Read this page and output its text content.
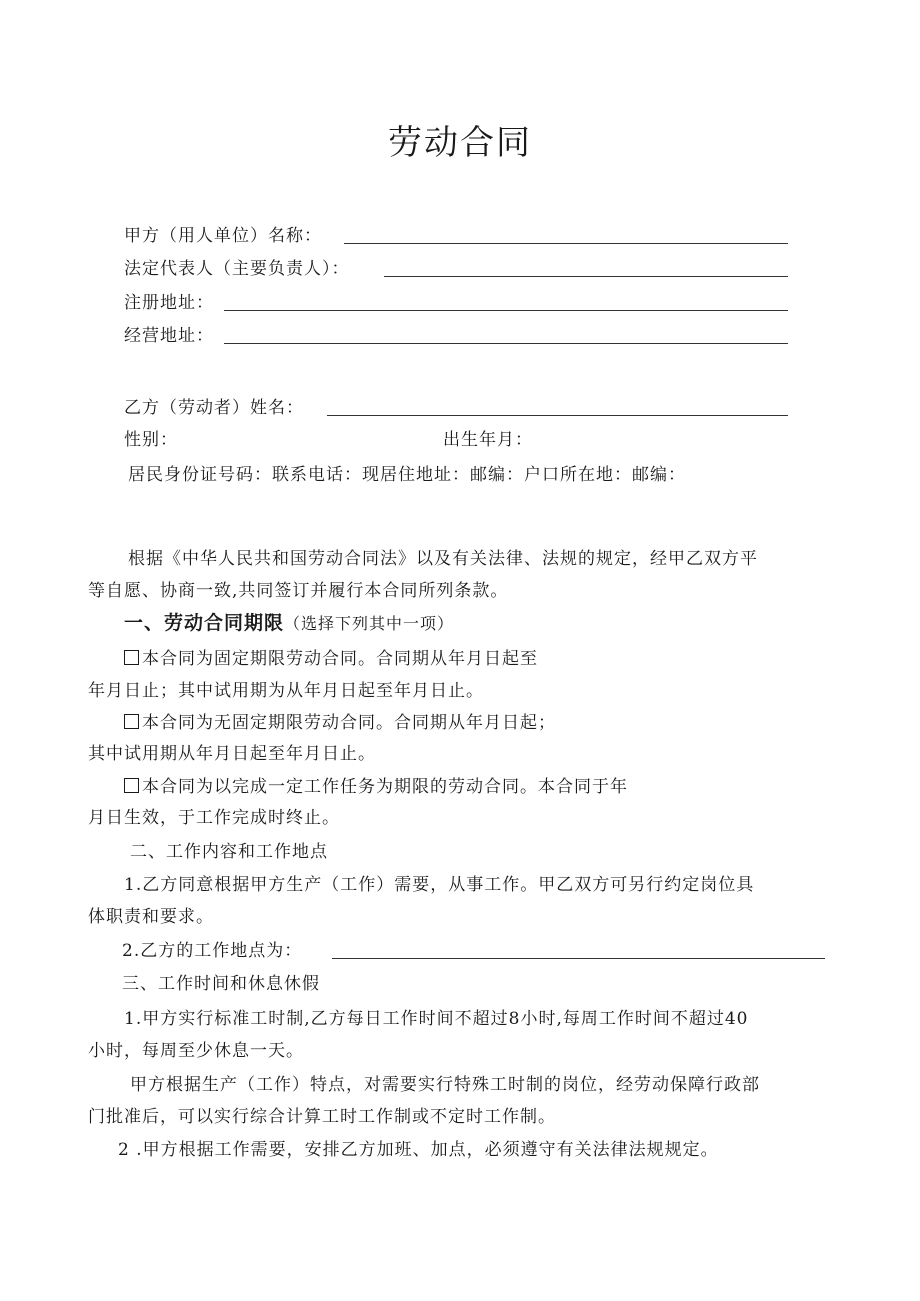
劳动合同
甲方（用人单位）名称：
法定代表人（主要负责人）：
注册地址：
经营地址：
乙方（劳动者）姓名：
性别：	出生年月：
居民身份证号码：联系电话：现居住地址：邮编：户口所在地：邮编：
根据《中华人民共和国劳动合同法》以及有关法律、法规的规定，经甲乙双方平
等自愿、协商一致,共同签订并履行本合同所列条款。
一、劳动合同期限（选择下列其中一项）
本合同为固定期限劳动合同。合同期从年月日起至
年月日止；其中试用期为从年月日起至年月日止。
本合同为无固定期限劳动合同。合同期从年月日起；
其中试用期从年月日起至年月日止。
本合同为以完成一定工作任务为期限的劳动合同。本合同于年
月日生效，于工作完成时终止。
二、工作内容和工作地点
1.乙方同意根据甲方生产（工作）需要，从事工作。甲乙双方可另行约定岗位具
体职责和要求。
2.乙方的工作地点为：
三、工作时间和休息休假
1.甲方实行标准工时制,乙方每日工作时间不超过8小时,每周工作时间不超过40
小时，每周至少休息一天。
甲方根据生产（工作）特点，对需要实行特殊工时制的岗位，经劳动保障行政部
门批准后，可以实行综合计算工时工作制或不定时工作制。
2 .甲方根据工作需要，安排乙方加班、加点，必须遵守有关法律法规规定。
